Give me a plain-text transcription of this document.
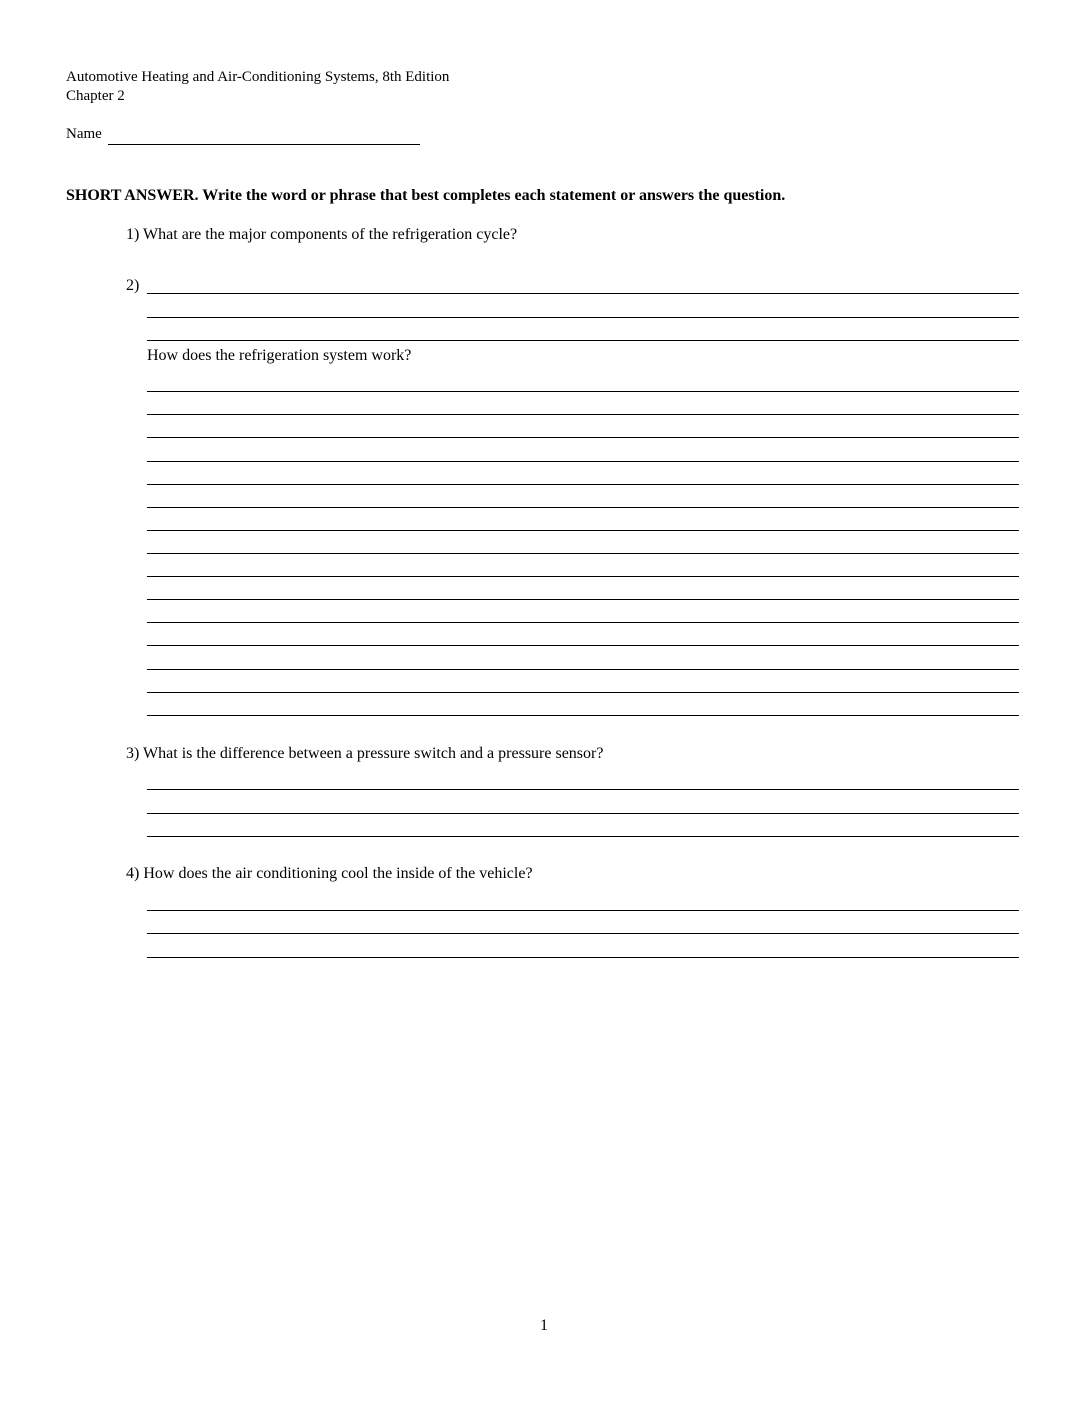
Automotive Heating and Air-Conditioning Systems, 8th Edition
Chapter 2
Name
SHORT ANSWER. Write the word or phrase that best completes each statement or answers the question.
1) What are the major components of the refrigeration cycle?
2)
How does the refrigeration system work?
3) What is the difference between a pressure switch and a pressure sensor?
4) How does the air conditioning cool the inside of the vehicle?
1
